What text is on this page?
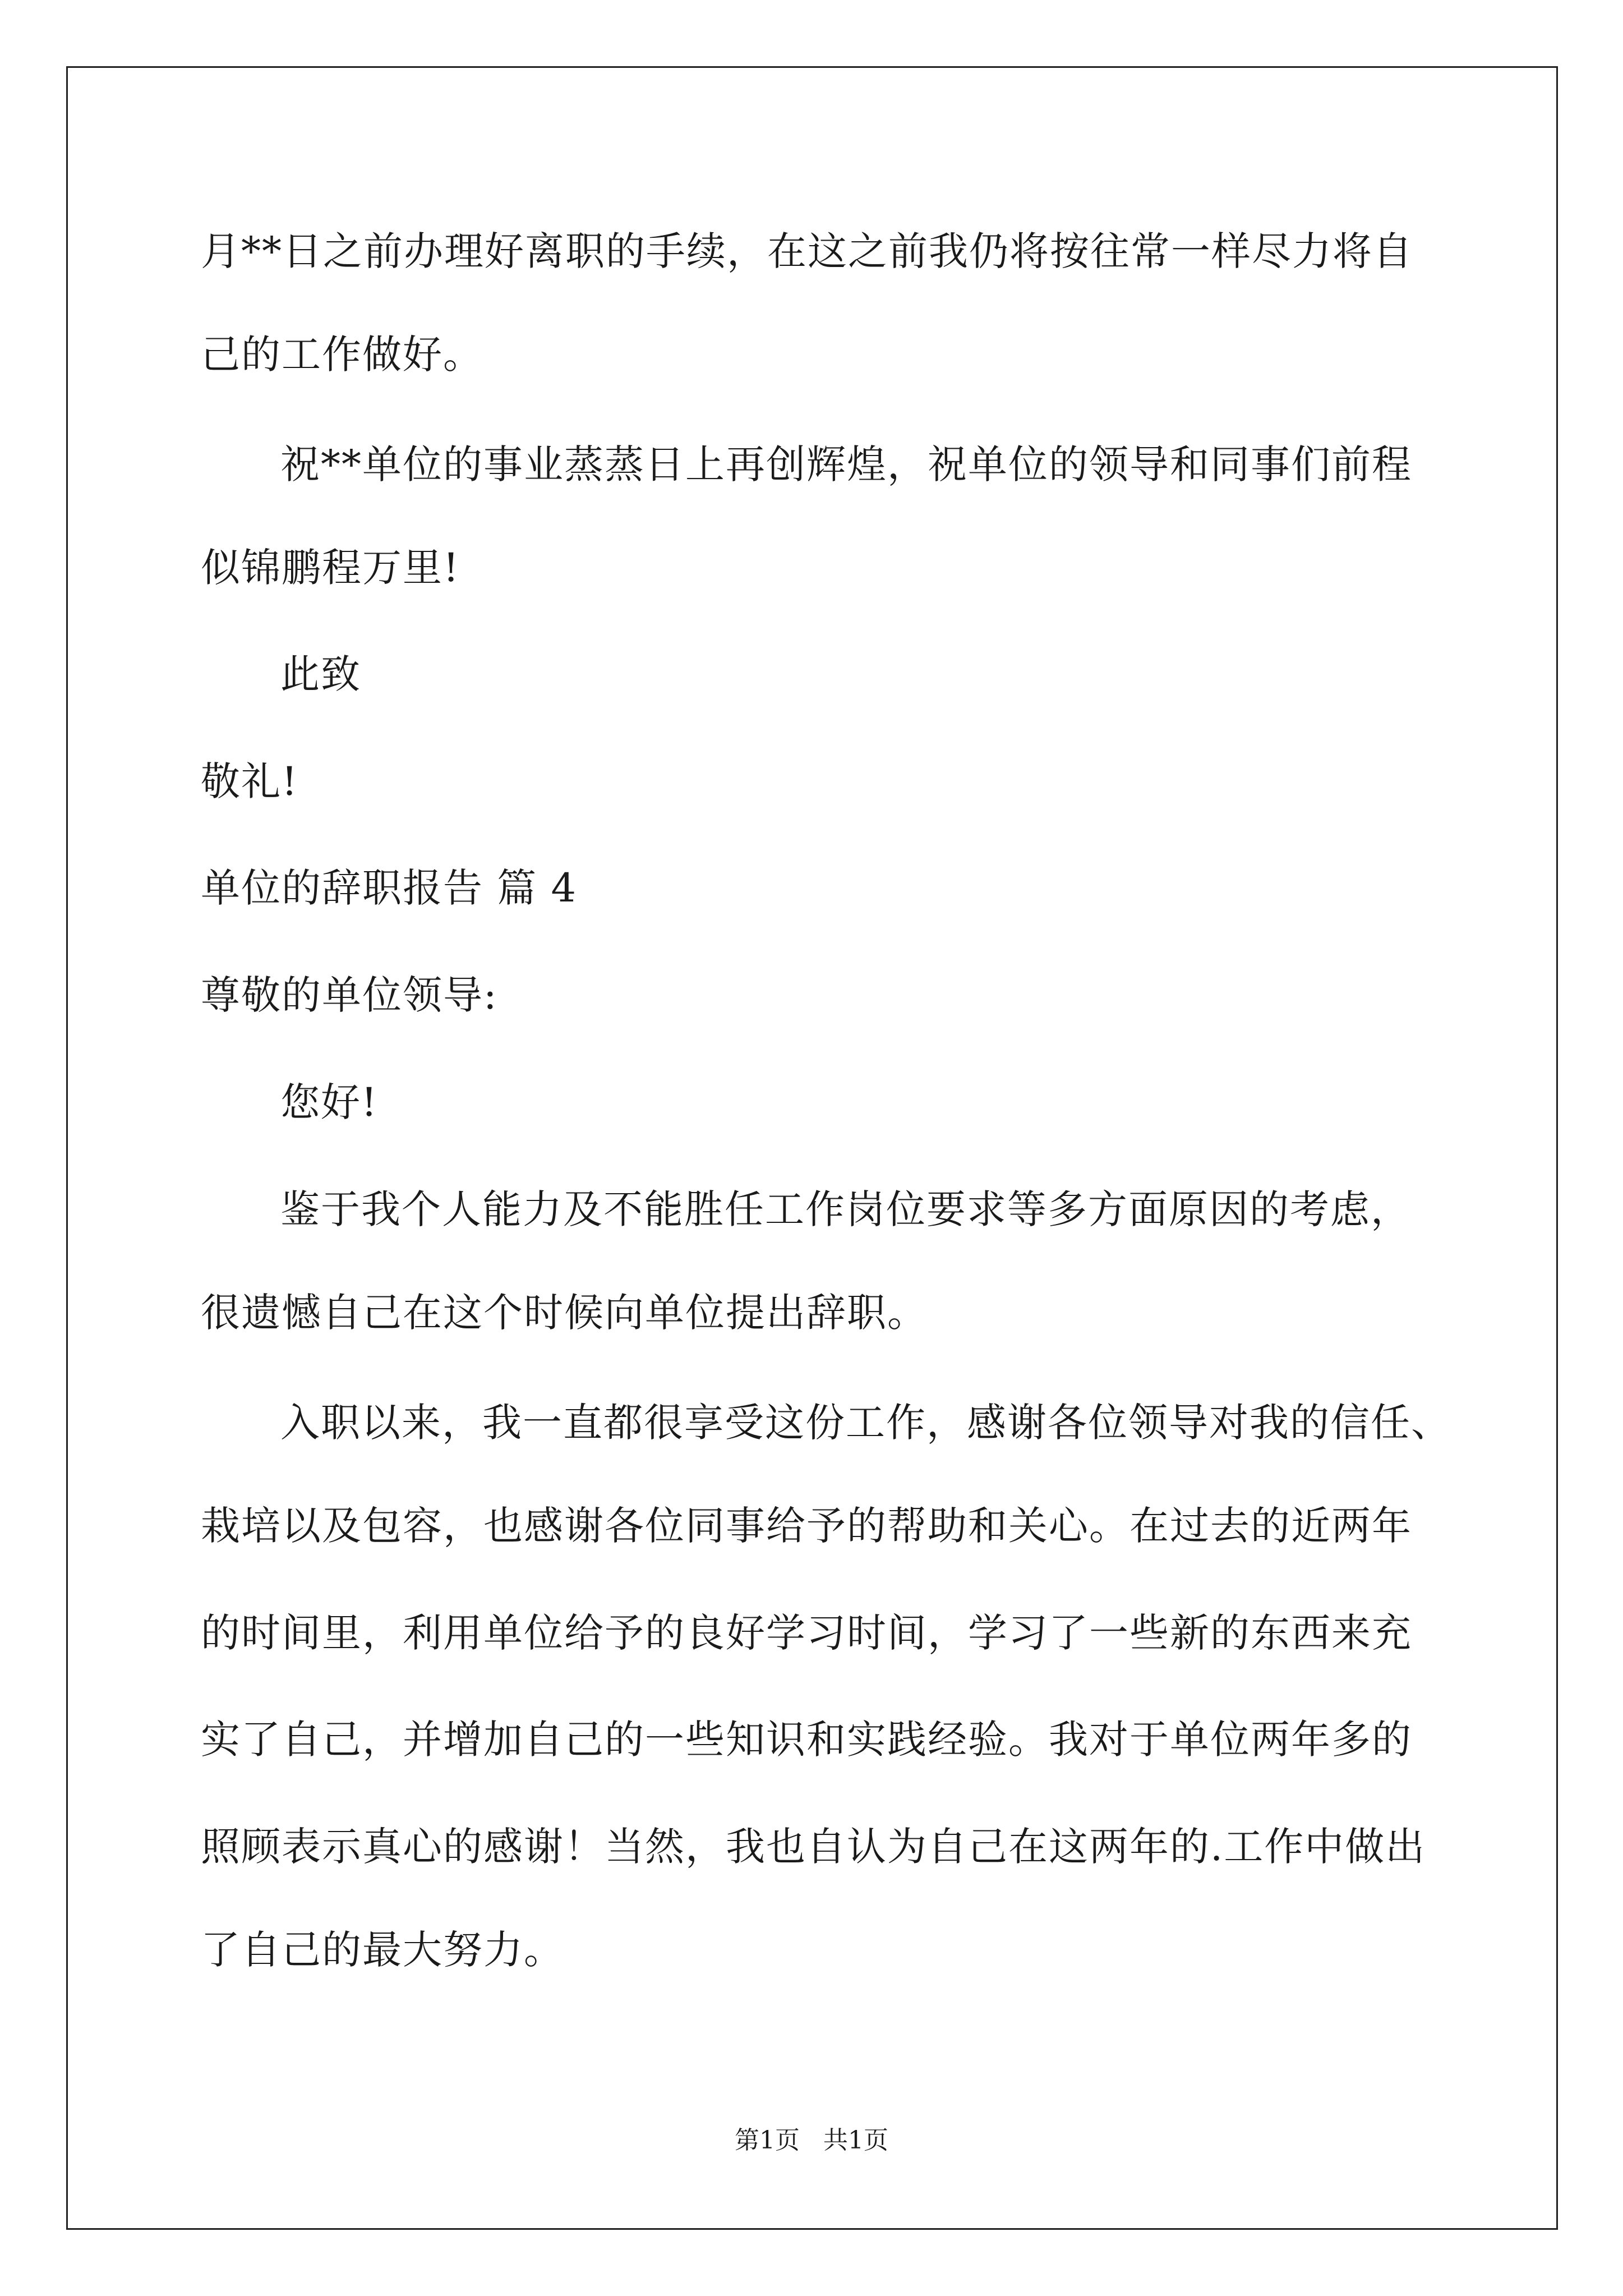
月**日之前办理好离职的手续，在这之前我仍将按往常一样尽力将自
己的工作做好。
祝**单位的事业蒸蒸日上再创辉煌，祝单位的领导和同事们前程
似锦鹏程万里!
此致
敬礼!
单位的辞职报告 篇 4
尊敬的单位领导:
您好!
鉴于我个人能力及不能胜任工作岗位要求等多方面原因的考虑，
很遗憾自己在这个时候向单位提出辞职。
入职以来，我一直都很享受这份工作，感谢各位领导对我的信任、
栽培以及包容，也感谢各位同事给予的帮助和关心。在过去的近两年
的时间里，利用单位给予的良好学习时间，学习了一些新的东西来充
实了自己，并增加自己的一些知识和实践经验。我对于单位两年多的
照顾表示真心的感谢！当然，我也自认为自己在这两年的.工作中做出
了自己的最大努力。
第1页 共1页
